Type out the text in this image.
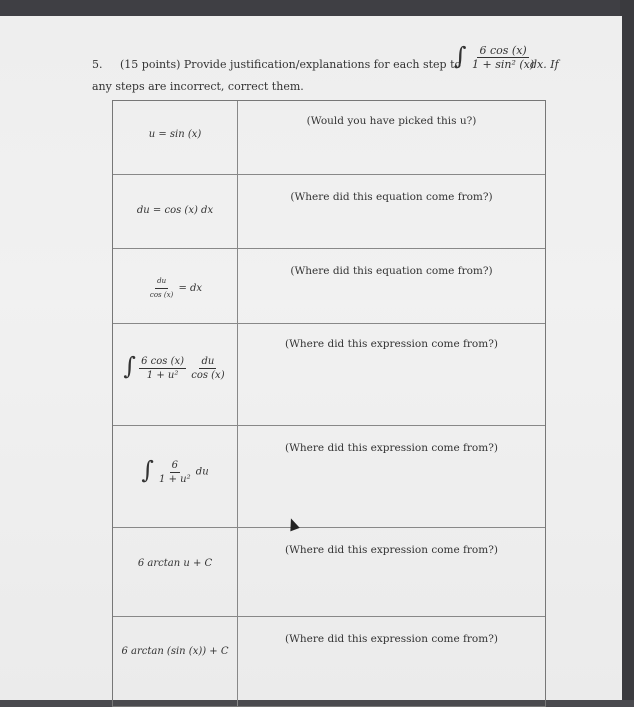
5. (15 points) Provide justification/explanations for each step to
∫ $\frac{6 \cos (x)}{\text{1 + sin² (x)}}$
dx. If
any steps are incorrect, correct them.
u = sin (x)
(Would you have picked this u?)
du = cos (x) dx
(Where did this equation come from?)
$\frac{du}{\cos (x)}$ = dx
(Where did this equation come from?)
∫ $\frac{6 \cos (x)}{\text{1 + u²}}$
$\frac{du}{\cos (x)}$
(Where did this expression come from?)
∫ $\frac{6}{\text{1 + u²}}$ du
(Where did this expression come from?)
6 arctan u + C
(Where did this expression come from?)
6 arctan (sin (x)) + C
(Where did this expression come from?)
